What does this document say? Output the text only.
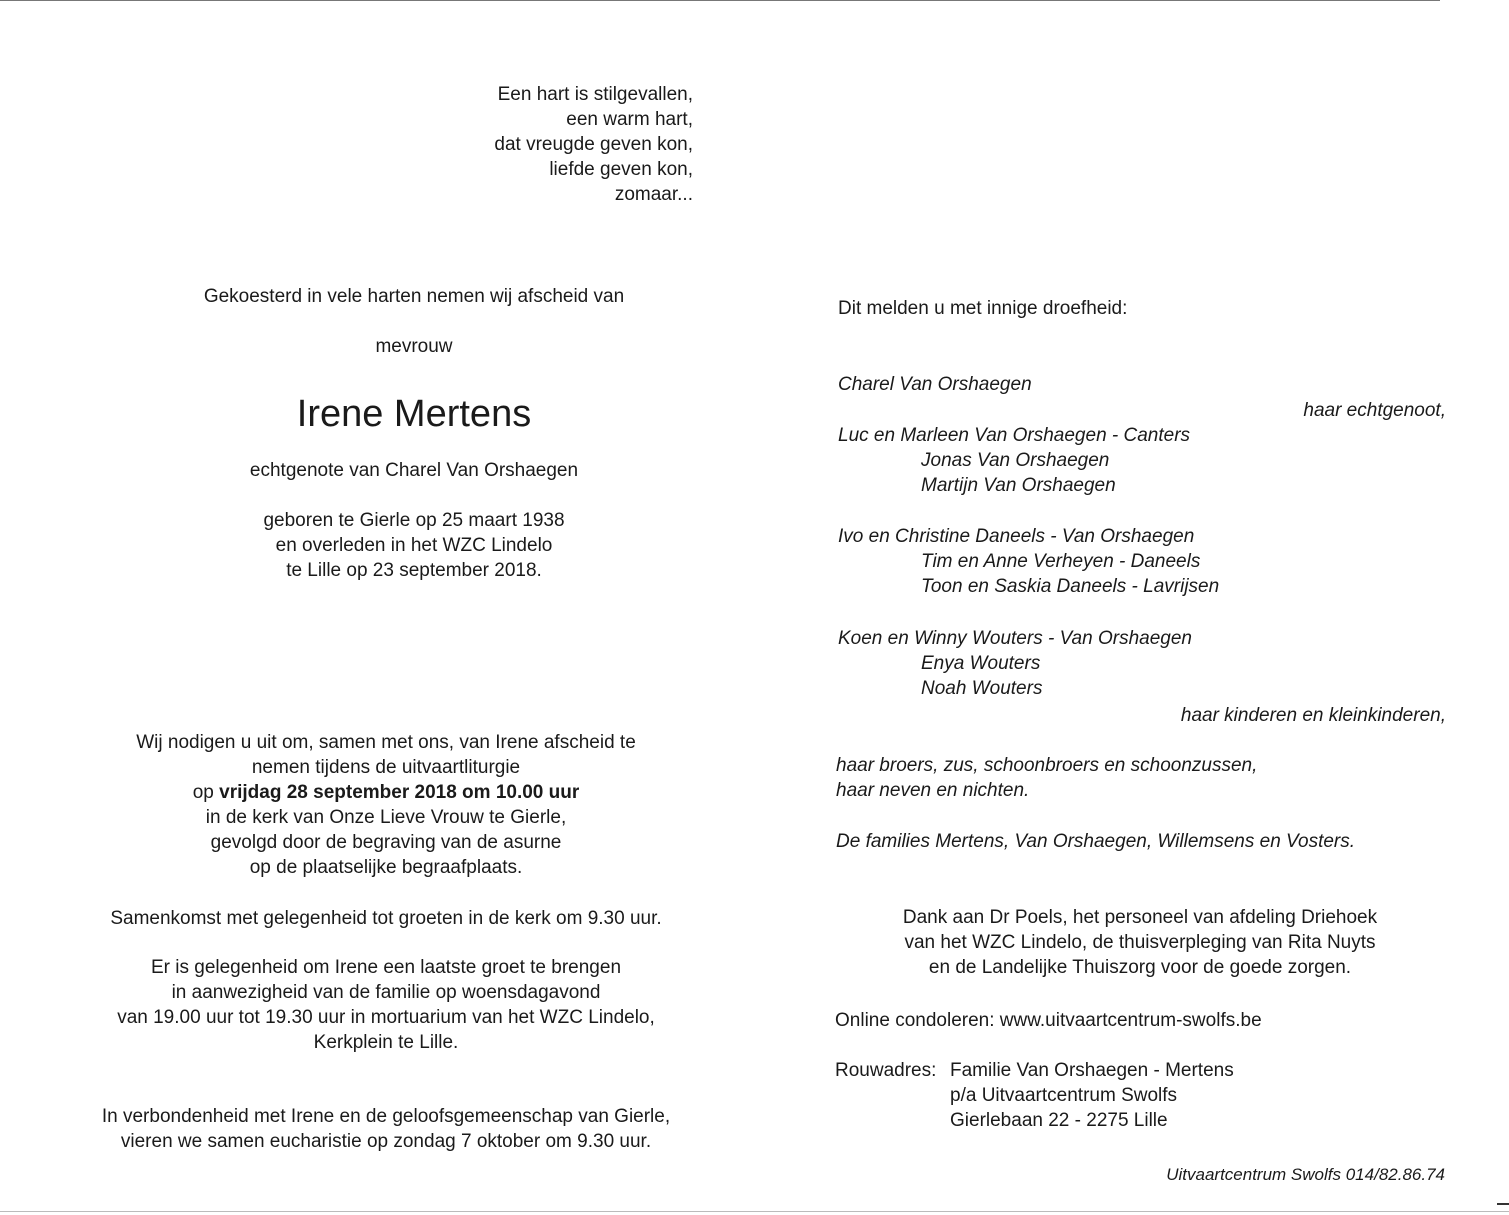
Een hart is stilgevallen,
een warm hart,
dat vreugde geven kon,
liefde geven kon,
zomaar...
Gekoesterd in vele harten nemen wij afscheid van
mevrouw
Irene Mertens
echtgenote van Charel Van Orshaegen
geboren te Gierle op 25 maart 1938
en overleden in het WZC Lindelo
te Lille op 23 september 2018.
Wij nodigen u uit om, samen met ons, van Irene afscheid te
nemen tijdens de uitvaartliturgie
op vrijdag 28 september 2018 om 10.00 uur
in de kerk van Onze Lieve Vrouw te Gierle,
gevolgd door de begraving van de asurne
op de plaatselijke begraafplaats.
Samenkomst met gelegenheid tot groeten in de kerk om 9.30 uur.
Er is gelegenheid om Irene een laatste groet te brengen
in aanwezigheid van de familie op woensdagavond
van 19.00 uur tot 19.30 uur in mortuarium van het WZC Lindelo,
Kerkplein te Lille.
In verbondenheid met Irene en de geloofsgemeenschap van Gierle,
vieren we samen eucharistie op zondag 7 oktober om 9.30 uur.
Dit melden u met innige droefheid:
Charel Van Orshaegen
haar echtgenoot,
Luc en Marleen Van Orshaegen - Canters
Jonas Van Orshaegen
Martijn Van Orshaegen
Ivo en Christine Daneels - Van Orshaegen
Tim en Anne Verheyen - Daneels
Toon en Saskia Daneels - Lavrijsen
Koen en Winny Wouters - Van Orshaegen
Enya Wouters
Noah Wouters
haar kinderen en kleinkinderen,
haar broers, zus, schoonbroers en schoonzussen,
haar neven en nichten.
De families Mertens, Van Orshaegen, Willemsens en Vosters.
Dank aan Dr Poels, het personeel van afdeling Driehoek
van het WZC Lindelo, de thuisverpleging van Rita Nuyts
en de Landelijke Thuiszorg voor de goede zorgen.
Online condoleren: www.uitvaartcentrum-swolfs.be
Rouwadres: Familie Van Orshaegen - Mertens
p/a Uitvaartcentrum Swolfs
Gierlebaan 22 - 2275 Lille
Uitvaartcentrum Swolfs 014/82.86.74
